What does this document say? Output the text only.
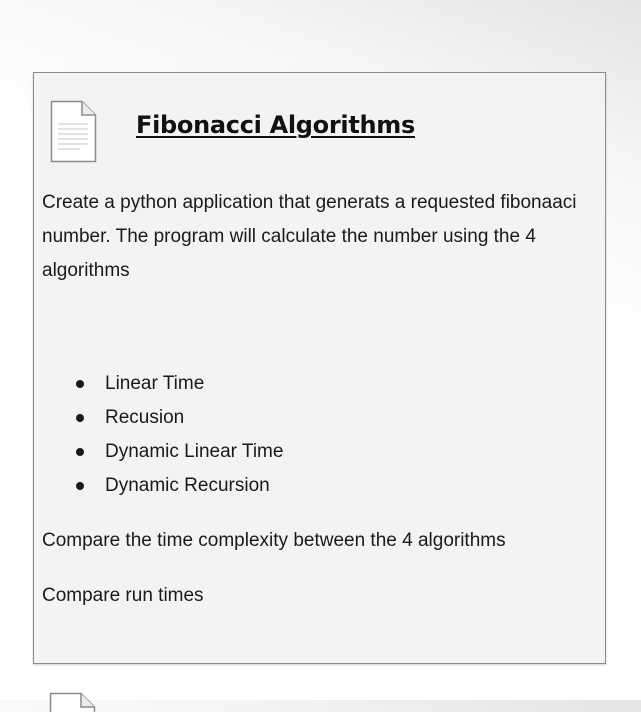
Fibonacci Algorithms

Create a python application that generats a requested fibonaaci number. The program will calculate the number using the 4 algorithms

Linear Time
Recusion
Dynamic Linear Time
Dynamic Recursion

Compare the time complexity between the 4 algorithms

Compare run times
